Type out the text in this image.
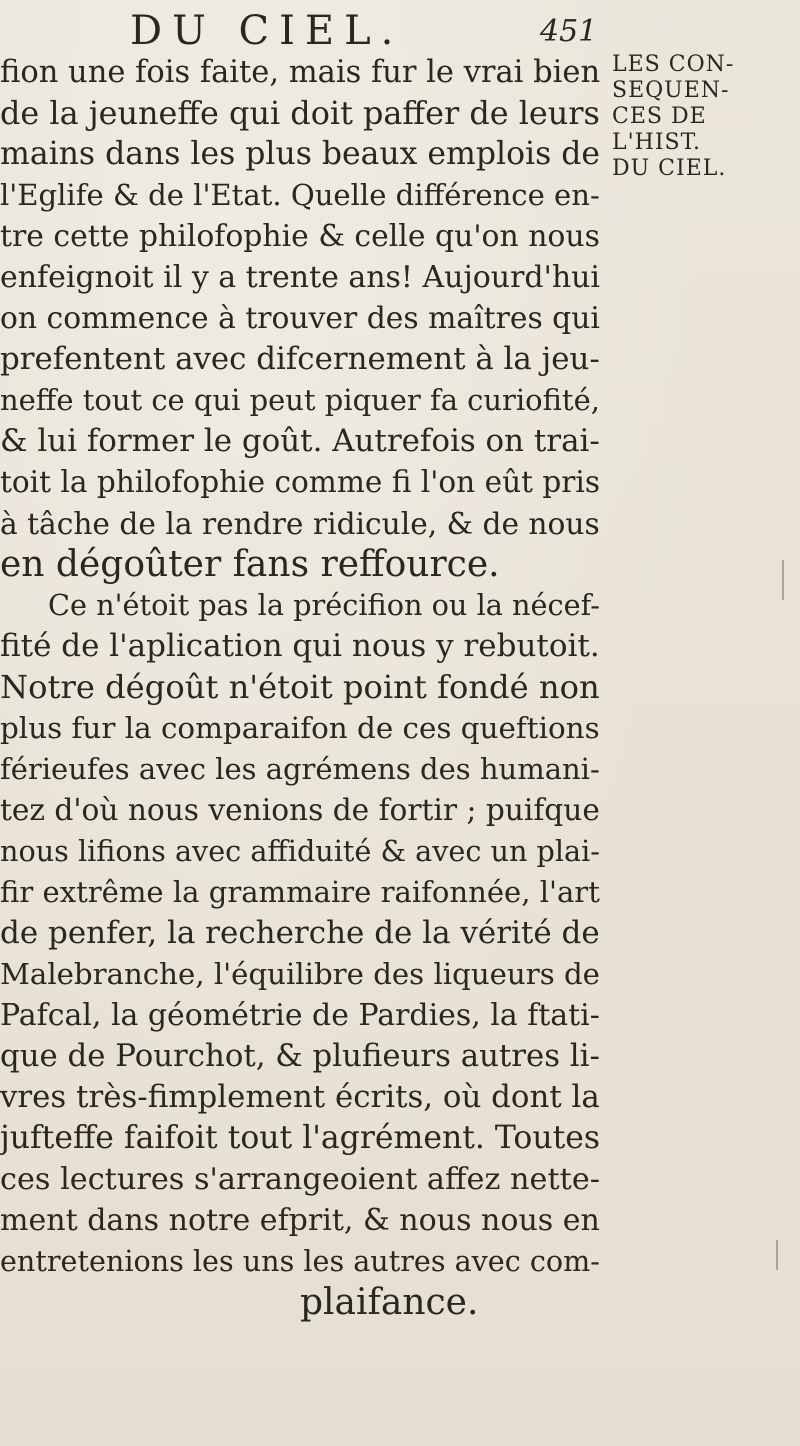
DU CIEL.	451
LES CON-
SEQUEN-
CES DE
L'HIST.
DU CIEL.
fion une fois faite, mais fur le vrai bien
de la jeuneffe qui doit paffer de leurs
mains dans les plus beaux emplois de
l'Eglife & de l'Etat. Quelle différence en-
tre cette philofophie & celle qu'on nous
enfeignoit il y a trente ans! Aujourd'hui
on commence à trouver des maîtres qui
prefentent avec difcernement à la jeu-
neffe tout ce qui peut piquer fa curiofité,
& lui former le goût. Autrefois on trai-
toit la philofophie comme fi l'on eût pris
à tâche de la rendre ridicule, & de nous
en dégoûter fans reffource.
Ce n'étoit pas la précifion ou la nécef-
fité de l'aplication qui nous y rebutoit.
Notre dégoût n'étoit point fondé non
plus fur la comparaifon de ces queftions
férieufes avec les agrémens des humani-
tez d'où nous venions de fortir ; puifque
nous lifions avec affiduité & avec un plai-
fir extrême la grammaire raifonnée, l'art
de penfer, la recherche de la vérité de
Malebranche, l'équilibre des liqueurs de
Pafcal, la géométrie de Pardies, la ftati-
que de Pourchot, & plufieurs autres li-
vres très-fimplement écrits, où dont la
jufteffe faifoit tout l'agrément. Toutes
ces lectures s'arrangeoient affez nette-
ment dans notre efprit, & nous nous en
entretenions les uns les autres avec com-
plaifance.
